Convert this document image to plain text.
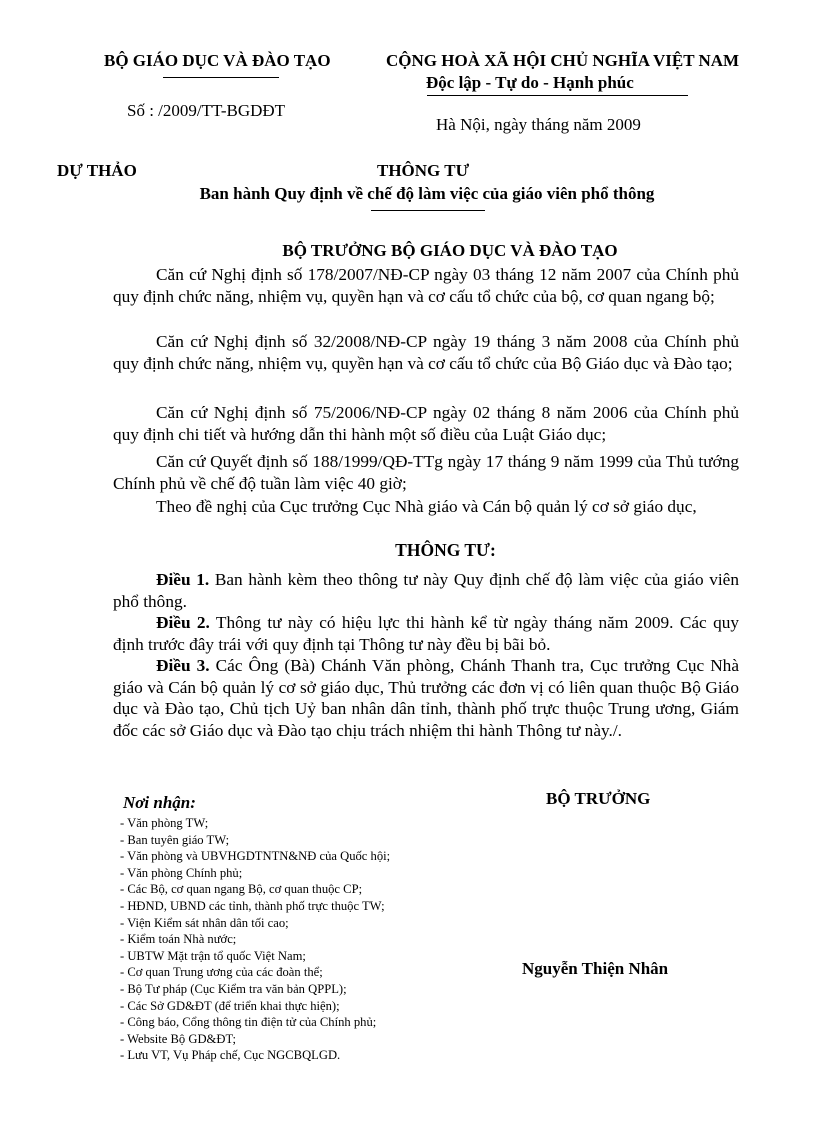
BỘ GIÁO DỤC VÀ ĐÀO TẠO
Số : /2009/TT-BGDĐT
CỘNG HOÀ XÃ HỘI CHỦ NGHĨA VIỆT NAM
Độc lập - Tự do - Hạnh phúc
Hà Nội, ngày tháng năm 2009
DỰ THẢO	THÔNG TƯ
Ban hành Quy định về chế độ làm việc của giáo viên phổ thông
BỘ TRƯỞNG BỘ GIÁO DỤC VÀ ĐÀO TẠO

Căn cứ Nghị định số 178/2007/NĐ-CP ngày 03 tháng 12 năm 2007 của Chính phủ quy định chức năng, nhiệm vụ, quyền hạn và cơ cấu tổ chức của bộ, cơ quan ngang bộ;

Căn cứ Nghị định số 32/2008/NĐ-CP ngày 19 tháng 3 năm 2008 của Chính phủ quy định chức năng, nhiệm vụ, quyền hạn và cơ cấu tổ chức của Bộ Giáo dục và Đào tạo;

Căn cứ Nghị định số 75/2006/NĐ-CP ngày 02 tháng 8 năm 2006 của Chính phủ quy định chi tiết và hướng dẫn thi hành một số điều của Luật Giáo dục;

Căn cứ Quyết định số 188/1999/QĐ-TTg ngày 17 tháng 9 năm 1999 của Thủ tướng Chính phủ về chế độ tuần làm việc 40 giờ;

Theo đề nghị của Cục trưởng Cục Nhà giáo và Cán bộ quản lý cơ sở giáo dục,

THÔNG TƯ:

Điều 1. Ban hành kèm theo thông tư này Quy định chế độ làm việc của giáo viên phổ thông.

Điều 2. Thông tư này có hiệu lực thi hành kể từ ngày tháng năm 2009. Các quy định trước đây trái với quy định tại Thông tư này đều bị bãi bỏ.

Điều 3. Các Ông (Bà) Chánh Văn phòng, Chánh Thanh tra, Cục trưởng Cục Nhà giáo và Cán bộ quản lý cơ sở giáo dục, Thủ trưởng các đơn vị có liên quan thuộc Bộ Giáo dục và Đào tạo, Chủ tịch Uỷ ban nhân dân tỉnh, thành phố trực thuộc Trung ương, Giám đốc các sở Giáo dục và Đào tạo chịu trách nhiệm thi hành Thông tư này./.

Nơi nhận:
- Văn phòng TW;
- Ban tuyên giáo TW;
- Văn phòng và UBVHGDTNTN&NĐ của Quốc hội;
- Văn phòng Chính phủ;
- Các Bộ, cơ quan ngang Bộ, cơ quan thuộc CP;
- HĐND, UBND các tỉnh, thành phố trực thuộc TW;
- Viện Kiểm sát nhân dân tối cao;
- Kiểm toán Nhà nước;
- UBTW Mặt trận tổ quốc Việt Nam;
- Cơ quan Trung ương của các đoàn thể;
- Bộ Tư pháp (Cục Kiểm tra văn bản QPPL);
- Các Sở GD&ĐT (để triển khai thực hiện);
- Công báo, Cổng thông tin điện tử của Chính phủ;
- Website Bộ GD&ĐT;
- Lưu VT, Vụ Pháp chế, Cục NGCBQLGD.
BỘ TRƯỞNG
Nguyễn Thiện Nhân
